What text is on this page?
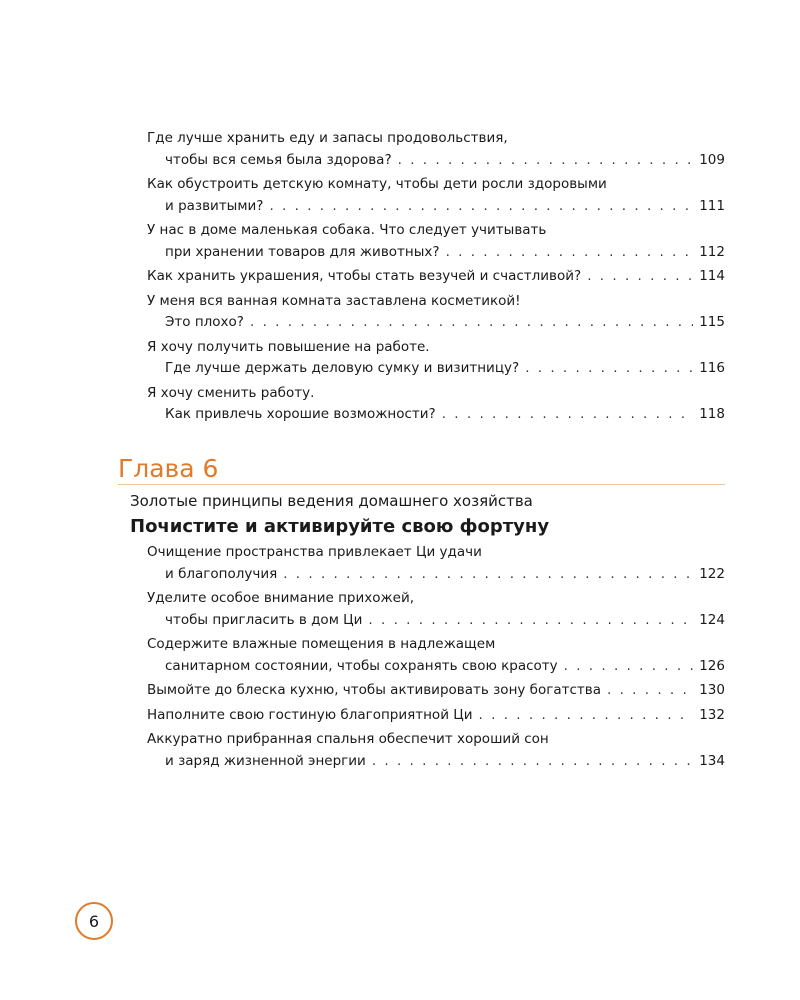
Где лучше хранить еду и запасы продовольствия,
чтобы вся семья была здорова? . . .	109
Как обустроить детскую комнату, чтобы дети росли здоровыми
и развитыми? . . .	111
У нас в доме маленькая собака. Что следует учитывать
при хранении товаров для животных? . . .	112
Как хранить украшения, чтобы стать везучей и счастливой? . . .	114
У меня вся ванная комната заставлена косметикой!
Это плохо? . . .	115
Я хочу получить повышение на работе.
Где лучше держать деловую сумку и визитницу? . . .	116
Я хочу сменить работу.
Как привлечь хорошие возможности? . . .	118
Глава 6
Золотые принципы ведения домашнего хозяйства
Почистите и активируйте свою фортуну
Очищение пространства привлекает Ци удачи
и благополучия . . .	122
Уделите особое внимание прихожей,
чтобы пригласить в дом Ци . . .	124
Содержите влажные помещения в надлежащем
санитарном состоянии, чтобы сохранять свою красоту . . .	126
Вымойте до блеска кухню, чтобы активировать зону богатства . . .	130
Наполните свою гостиную благоприятной Ци . . .	132
Аккуратно прибранная спальня обеспечит хороший сон
и заряд жизненной энергии . . .	134
6
